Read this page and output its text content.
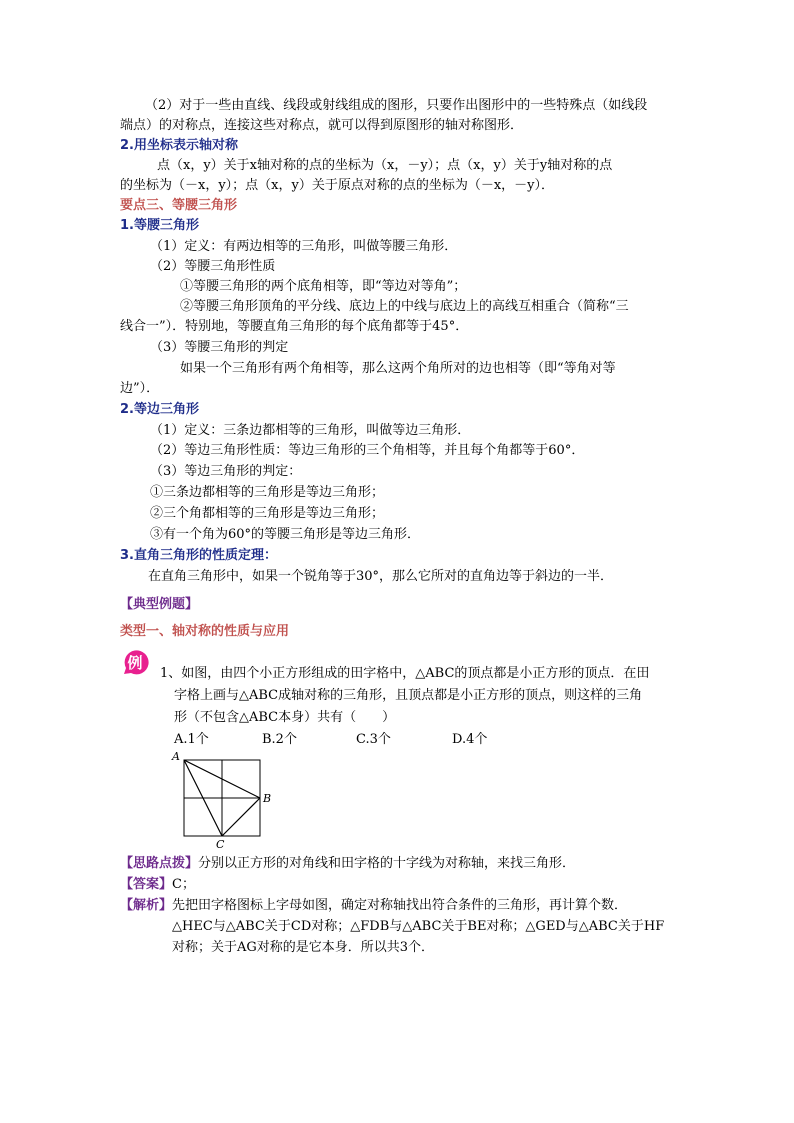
（2）对于一些由直线、线段或射线组成的图形，只要作出图形中的一些特殊点（如线段
端点）的对称点，连接这些对称点，就可以得到原图形的轴对称图形．
2.用坐标表示轴对称
点（x，y）关于x轴对称的点的坐标为（x，－y）；点（x，y）关于y轴对称的点
的坐标为（－x，y）；点（x，y）关于原点对称的点的坐标为（－x，－y）．
要点三、等腰三角形
1.等腰三角形
（1）定义：有两边相等的三角形，叫做等腰三角形．
（2）等腰三角形性质
①等腰三角形的两个底角相等，即“等边对等角”；
②等腰三角形顶角的平分线、底边上的中线与底边上的高线互相重合（简称“三
线合一”）．特别地，等腰直角三角形的每个底角都等于45°．
（3）等腰三角形的判定
如果一个三角形有两个角相等，那么这两个角所对的边也相等（即“等角对等
边”）．
2.等边三角形
（1）定义：三条边都相等的三角形，叫做等边三角形．
（2）等边三角形性质：等边三角形的三个角相等，并且每个角都等于60°．
（3）等边三角形的判定：
①三条边都相等的三角形是等边三角形；
②三个角都相等的三角形是等边三角形；
③有一个角为60°的等腰三角形是等边三角形．
3.直角三角形的性质定理：
在直角三角形中，如果一个锐角等于30°，那么它所对的直角边等于斜边的一半．
【典型例题】
类型一、轴对称的性质与应用
例
1、如图，由四个小正方形组成的田字格中，△ABC的顶点都是小正方形的顶点．在田
字格上画与△ABC成轴对称的三角形，且顶点都是小正方形的顶点，则这样的三角
形（不包含△ABC本身）共有（　　）
A.1个	B.2个	C.3个	D.4个
A
B
C
【思路点拨】分别以正方形的对角线和田字格的十字线为对称轴，来找三角形．
【答案】C；
【解析】先把田字格图标上字母如图，确定对称轴找出符合条件的三角形，再计算个数．
△HEC与△ABC关于CD对称；△FDB与△ABC关于BE对称；△GED与△ABC关于HF
对称；关于AG对称的是它本身．所以共3个．
